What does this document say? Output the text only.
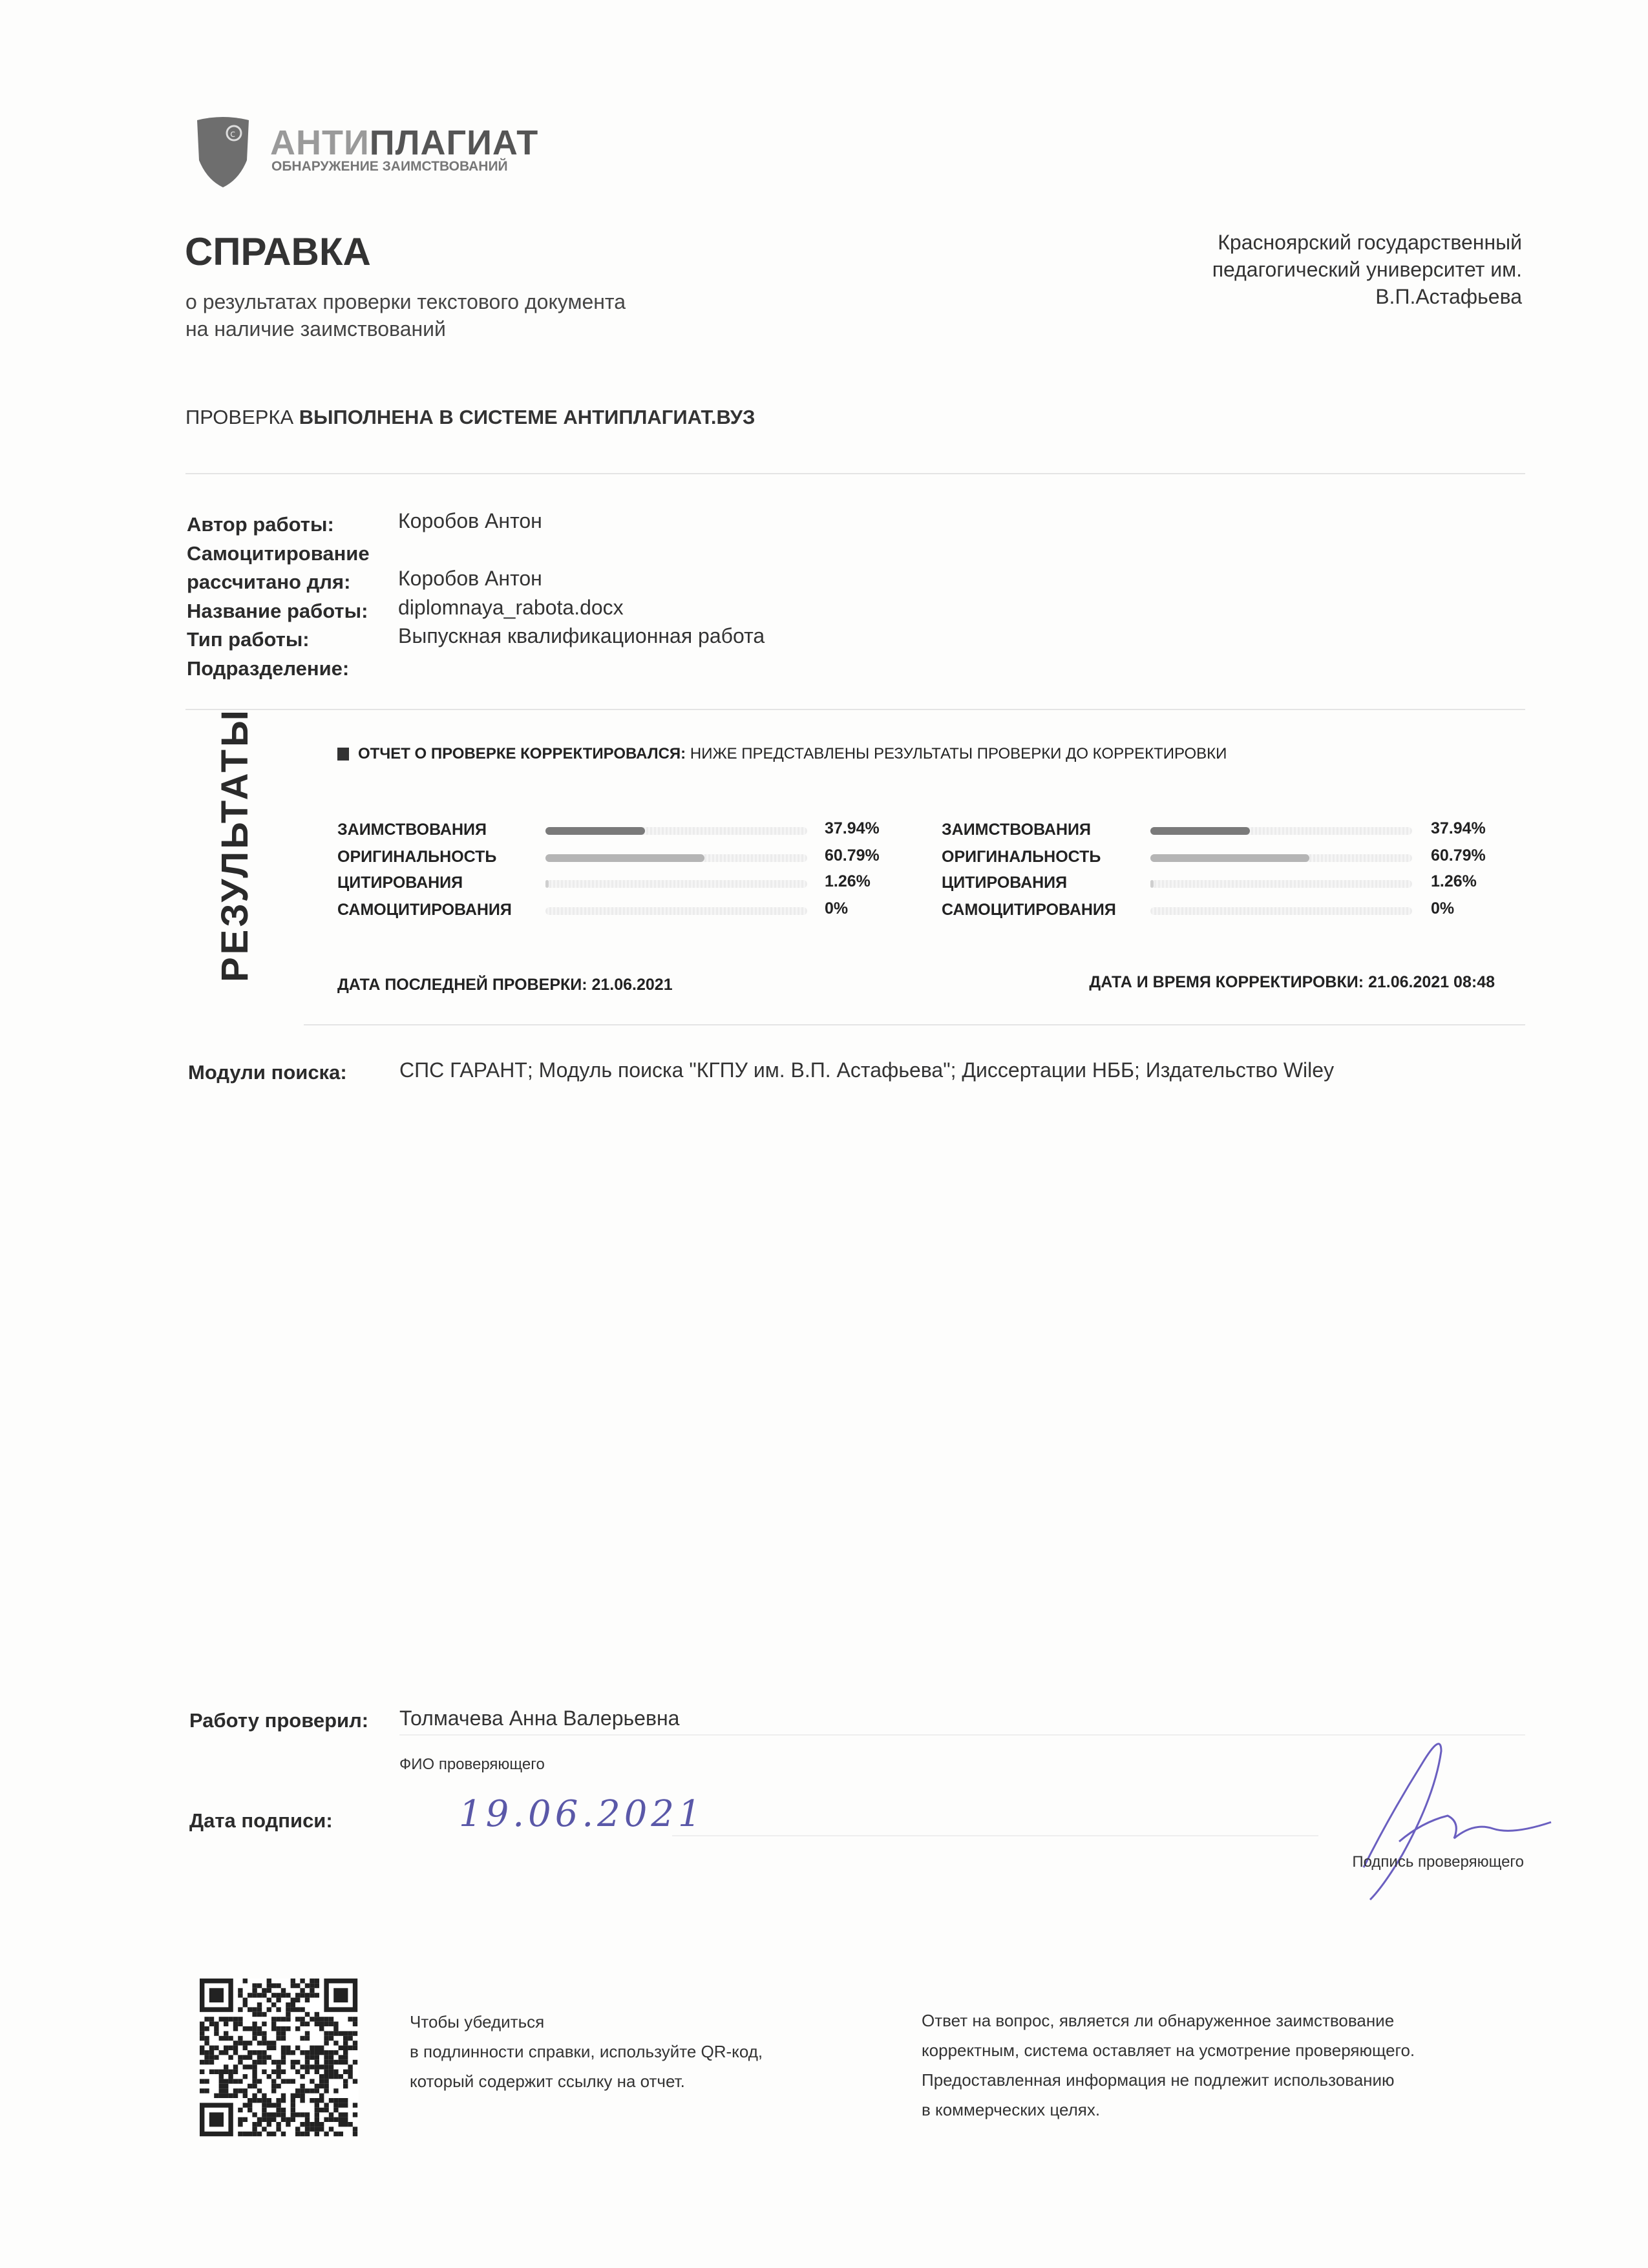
c АНТИПЛАГИАТ
ОБНАРУЖЕНИЕ ЗАИМСТВОВАНИЙ
СПРАВКА
о результатах проверки текстового документа
на наличие заимствований
Красноярский государственный
педагогический университет им.
В.П.Астафьева
ПРОВЕРКА ВЫПОЛНЕНА В СИСТЕМЕ АНТИПЛАГИАТ.ВУЗ
Автор работы:	Коробов Антон
Самоцитирование
рассчитано для: Коробов Антон
Название работы: diplomnaya_rabota.docx
Тип работы:	Выпускная квалификационная работа
Подразделение:
РЕЗУЛЬТАТЫ	ОТЧЕТ О ПРОВЕРКЕ КОРРЕКТИРОВАЛСЯ: НИЖЕ ПРЕДСТАВЛЕНЫ РЕЗУЛЬТАТЫ ПРОВЕРКИ ДО КОРРЕКТИРОВКИ
ЗАИМСТВОВАНИЯ	37.94%
ОРИГИНАЛЬНОСТЬ	60.79%
ЦИТИРОВАНИЯ	1.26%
САМОЦИТИРОВАНИЯ	0%
ЗАИМСТВОВАНИЯ	37.94%
ОРИГИНАЛЬНОСТЬ	60.79%
ЦИТИРОВАНИЯ	1.26%
САМОЦИТИРОВАНИЯ	0%
ДАТА ПОСЛЕДНЕЙ ПРОВЕРКИ: 21.06.2021	ДАТА И ВРЕМЯ КОРРЕКТИРОВКИ: 21.06.2021 08:48
Модули поиска:	СПС ГАРАНТ; Модуль поиска "КГПУ им. В.П. Астафьева"; Диссертации НББ; Издательство Wiley
Работу проверил: Толмачева Анна Валерьевна
ФИО проверяющего
Дата подписи:	19.06.2021
Подпись проверяющего
Чтобы убедиться
в подлинности справки, используйте QR-код,
который содержит ссылку на отчет.
Ответ на вопрос, является ли обнаруженное заимствование
корректным, система оставляет на усмотрение проверяющего.
Предоставленная информация не подлежит использованию
в коммерческих целях.
